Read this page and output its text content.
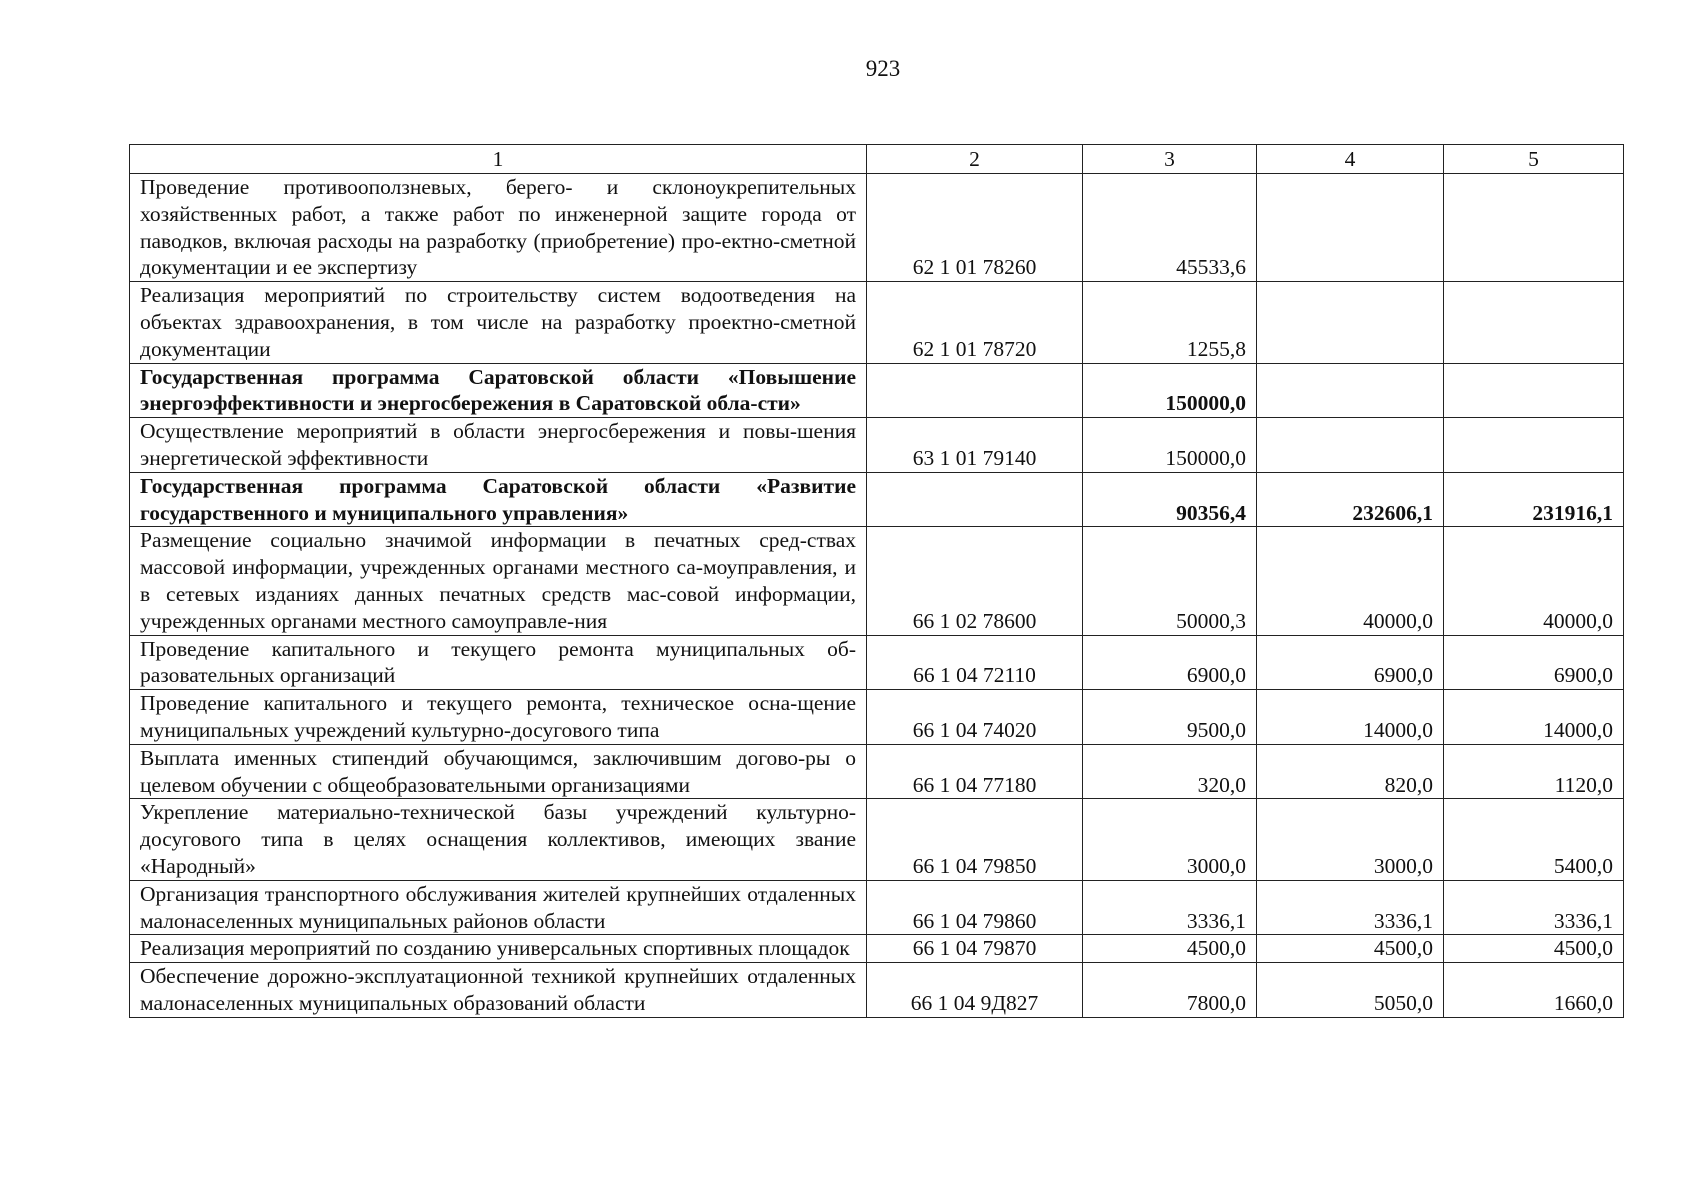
923
1	2	3	4	5
Проведение противооползневых, берего- и склоноукрепительных хозяйственных работ, а также работ по инженерной защите города от паводков, включая расходы на разработку (приобретение) про-ектно-сметной документации и ее экспертизу	62 1 01 78260	45533,6		
Реализация мероприятий по строительству систем водоотведения на объектах здравоохранения, в том числе на разработку проектно-сметной документации	62 1 01 78720	1255,8		
Государственная программа Саратовской области «Повышение энергоэффективности и энергосбережения в Саратовской обла-сти»		150000,0		
Осуществление мероприятий в области энергосбережения и повы-шения энергетической эффективности	63 1 01 79140	150000,0		
Государственная программа Саратовской области «Развитие государственного и муниципального управления»		90356,4	232606,1	231916,1
Размещение социально значимой информации в печатных сред-ствах массовой информации, учрежденных органами местного са-моуправления, и в сетевых изданиях данных печатных средств мас-совой информации, учрежденных органами местного самоуправле-ния	66 1 02 78600	50000,3	40000,0	40000,0
Проведение капитального и текущего ремонта муниципальных об-разовательных организаций	66 1 04 72110	6900,0	6900,0	6900,0
Проведение капитального и текущего ремонта, техническое осна-щение муниципальных учреждений культурно-досугового типа	66 1 04 74020	9500,0	14000,0	14000,0
Выплата именных стипендий обучающимся, заключившим догово-ры о целевом обучении с общеобразовательными организациями	66 1 04 77180	320,0	820,0	1120,0
Укрепление материально-технической базы учреждений культурно-досугового типа в целях оснащения коллективов, имеющих звание «Народный»	66 1 04 79850	3000,0	3000,0	5400,0
Организация транспортного обслуживания жителей крупнейших отдаленных малонаселенных муниципальных районов области	66 1 04 79860	3336,1	3336,1	3336,1
Реализация мероприятий по созданию универсальных спортивных площадок	66 1 04 79870	4500,0	4500,0	4500,0
Обеспечение дорожно-эксплуатационной техникой крупнейших отдаленных малонаселенных муниципальных образований области	66 1 04 9Д827	7800,0	5050,0	1660,0
